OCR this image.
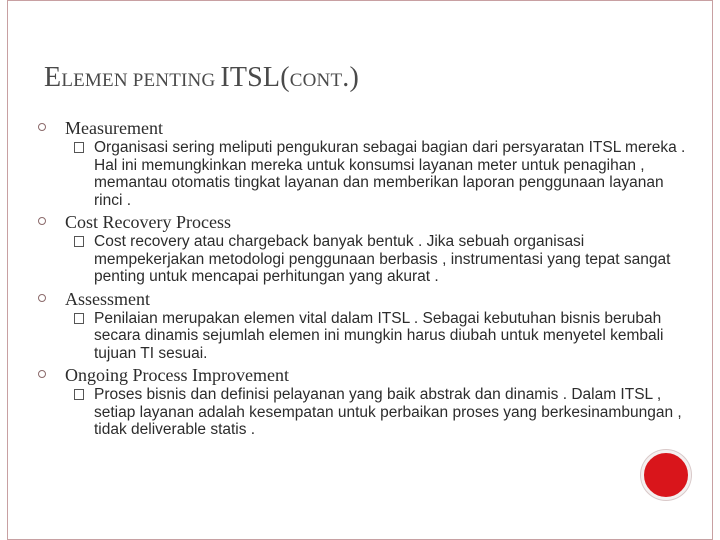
ELEMEN PENTING ITSL(CONT.)
Measurement
Organisasi sering meliputi pengukuran sebagai bagian dari persyaratan ITSL mereka . Hal ini memungkinkan mereka untuk konsumsi layanan meter untuk penagihan , memantau otomatis tingkat layanan dan memberikan laporan penggunaan layanan rinci .
Cost Recovery Process
Cost recovery atau chargeback banyak bentuk . Jika sebuah organisasi mempekerjakan metodologi penggunaan berbasis , instrumentasi yang tepat sangat penting untuk mencapai perhitungan yang akurat .
Assessment
Penilaian merupakan elemen vital dalam ITSL . Sebagai kebutuhan bisnis berubah secara dinamis sejumlah elemen ini mungkin harus diubah untuk menyetel kembali tujuan TI sesuai.
Ongoing Process Improvement
Proses bisnis dan definisi pelayanan yang baik abstrak dan dinamis . Dalam ITSL , setiap layanan adalah kesempatan untuk perbaikan proses yang berkesinambungan , tidak deliverable statis .
